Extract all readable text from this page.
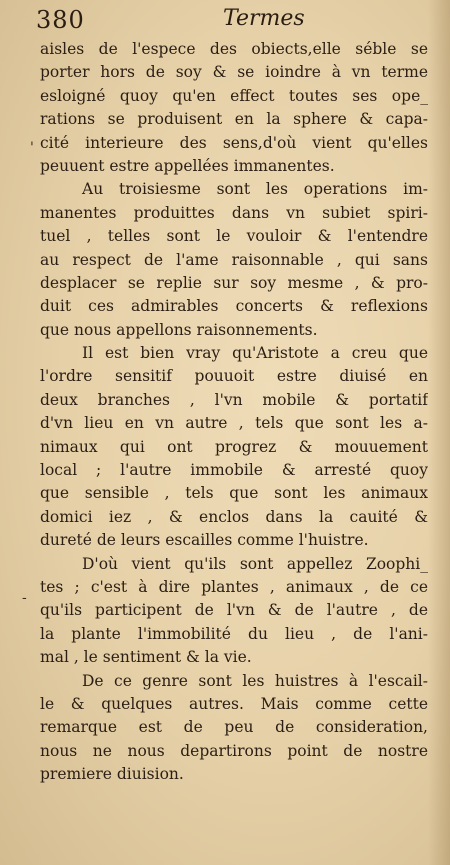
380	Termes
'
-
aisles de l'espece des obiects,elle séble se
porter hors de soy & se ioindre à vn terme
esloigné quoy qu'en effect toutes ses ope_
rations se produisent en la sphere & capa-
cité interieure des sens,d'où vient qu'elles
peuuent estre appellées immanentes.
Au troisiesme sont les operations im-
manentes produittes dans vn subiet spiri-
tuel , telles sont le vouloir & l'entendre
au respect de l'ame raisonnable , qui sans
desplacer se replie sur soy mesme , & pro-
duit ces admirables concerts & reflexions
que nous appellons raisonnements.
Il est bien vray qu'Aristote a creu que
l'ordre sensitif pouuoit estre diuisé en
deux branches , l'vn mobile & portatif
d'vn lieu en vn autre , tels que sont les a-
nimaux qui ont progrez & mouuement
local ; l'autre immobile & arresté quoy
que sensible , tels que sont les animaux
domici iez , & enclos dans la cauité &
dureté de leurs escailles comme l'huistre.
D'où vient qu'ils sont appellez Zoophi_
tes ; c'est à dire plantes , animaux , de ce
qu'ils participent de l'vn & de l'autre , de
la plante l'immobilité du lieu , de l'ani-
mal , le sentiment & la vie.
De ce genre sont les huistres à l'escail-
le & quelques autres. Mais comme cette
remarque est de peu de consideration,
nous ne nous departirons point de nostre
premiere diuision.
